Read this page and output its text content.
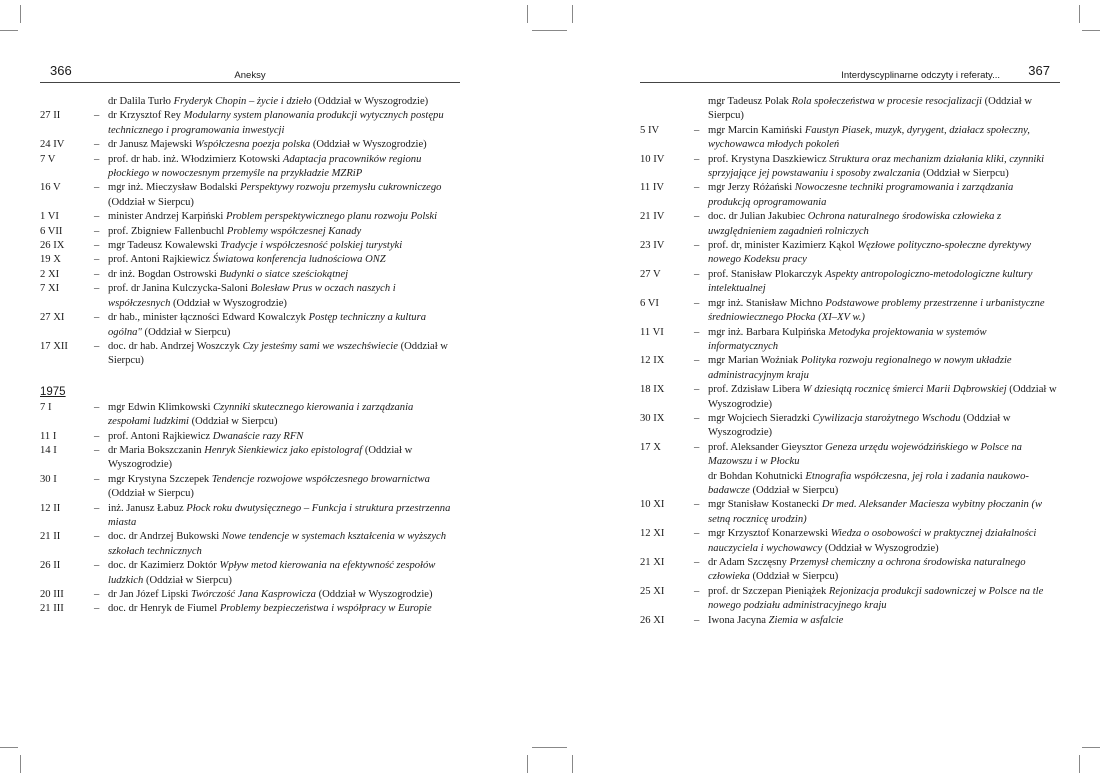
366	Aneksy
dr Dalila Turło Fryderyk Chopin – życie i dzieło (Oddział w Wyszogrodzie)
27 II	– dr Krzysztof Rey Modularny system planowania produkcji wytycznych postępu technicznego i programowania inwestycji
24 IV	– dr Janusz Majewski Współczesna poezja polska (Oddział w Wyszogrodzie)
7 V	– prof. dr hab. inż. Włodzimierz Kotowski Adaptacja pracowników regionu płockiego w nowoczesnym przemyśle na przykładzie MZRiP
16 V	– mgr inż. Mieczysław Bodalski Perspektywy rozwoju przemysłu cukrowniczego (Oddział w Sierpcu)
1 VI	– minister Andrzej Karpiński Problem perspektywicznego planu rozwoju Polski
6 VII	– prof. Zbigniew Fallenbuchl Problemy współczesnej Kanady
26 IX	– mgr Tadeusz Kowalewski Tradycje i współczesność polskiej turystyki
19 X	– prof. Antoni Rajkiewicz Światowa konferencja ludnościowa ONZ
2 XI	– dr inż. Bogdan Ostrowski Budynki o siatce sześciokątnej
7 XI	– prof. dr Janina Kulczycka-Saloni Bolesław Prus w oczach naszych i współczesnych (Oddział w Wyszogrodzie)
27 XI	– dr hab., minister łączności Edward Kowalczyk Postęp techniczny a kultura ogólna" (Oddział w Sierpcu)
17 XII	– doc. dr hab. Andrzej Woszczyk Czy jesteśmy sami we wszechświecie (Oddział w Sierpcu)
1975
7 I	– mgr Edwin Klimkowski Czynniki skutecznego kierowania i zarządzania zespołami ludzkimi (Oddział w Sierpcu)
11 I	– prof. Antoni Rajkiewicz Dwanaście razy RFN
14 I	– dr Maria Bokszczanin Henryk Sienkiewicz jako epistolograf (Oddział w Wyszogrodzie)
30 I	– mgr Krystyna Szczepek Tendencje rozwojowe współczesnego browarnictwa (Oddział w Sierpcu)
12 II	– inż. Janusz Łabuz Płock roku dwutysięcznego – Funkcja i struktura przestrzenna miasta
21 II	– doc. dr Andrzej Bukowski Nowe tendencje w systemach kształcenia w wyższych szkołach technicznych
26 II	– doc. dr Kazimierz Doktór Wpływ metod kierowania na efektywność zespołów ludzkich (Oddział w Sierpcu)
20 III	– dr Jan Józef Lipski Twórczość Jana Kasprowicza (Oddział w Wyszogrodzie)
21 III	– doc. dr Henryk de Fiumel Problemy bezpieczeństwa i współpracy w Europie
Interdyscyplinarne odczyty i referaty... 367
mgr Tadeusz Polak Rola społeczeństwa w procesie resocjalizacji (Oddział w Sierpcu)
5 IV	– mgr Marcin Kamiński Faustyn Piasek, muzyk, dyrygent, działacz społeczny, wychowawca młodych pokoleń
10 IV	– prof. Krystyna Daszkiewicz Struktura oraz mechanizm działania kliki, czynniki sprzyjające jej powstawaniu i sposoby zwalczania (Oddział w Sierpcu)
11 IV	– mgr Jerzy Różański Nowoczesne techniki programowania i zarządzania produkcją oprogramowania
21 IV	– doc. dr Julian Jakubiec Ochrona naturalnego środowiska człowieka z uwzględnieniem zagadnień rolniczych
23 IV	– prof. dr, minister Kazimierz Kąkol Węzłowe polityczno-społeczne dyrektywy nowego Kodeksu pracy
27 V	– prof. Stanisław Plokarczyk Aspekty antropologiczno-metodologiczne kultury intelektualnej
6 VI	– mgr inż. Stanisław Michno Podstawowe problemy przestrzenne i urbanistyczne średniowiecznego Płocka (XI–XV w.)
11 VI	– mgr inż. Barbara Kulpińska Metodyka projektowania w systemów informatycznych
12 IX	– mgr Marian Woźniak Polityka rozwoju regionalnego w nowym układzie administracyjnym kraju
18 IX	– prof. Zdzisław Libera W dziesiątą rocznicę śmierci Marii Dąbrowskiej (Oddział w Wyszogrodzie)
30 IX	– mgr Wojciech Sieradzki Cywilizacja starożytnego Wschodu (Oddział w Wyszogrodzie)
17 X	– prof. Aleksander Gieysztor Geneza urzędu wojewódzińskiego w Polsce na Mazowszu i w Płocku
dr Bohdan Kohutnicki Etnografia współczesna, jej rola i zadania naukowo-badawcze (Oddział w Sierpcu)
10 XI	– mgr Stanisław Kostanecki Dr med. Aleksander Maciesza wybitny płoczanin (w setną rocznicę urodzin)
12 XI	– mgr Krzysztof Konarzewski Wiedza o osobowości w praktycznej działalności nauczyciela i wychowawcy (Oddział w Wyszogrodzie)
21 XI	– dr Adam Szczęsny Przemysł chemiczny a ochrona środowiska naturalnego człowieka (Oddział w Sierpcu)
25 XI	– prof. dr Szczepan Pieniążek Rejonizacja produkcji sadowniczej w Polsce na tle nowego podziału administracyjnego kraju
26 XI	– Iwona Jacyna Ziemia w asfalcie
